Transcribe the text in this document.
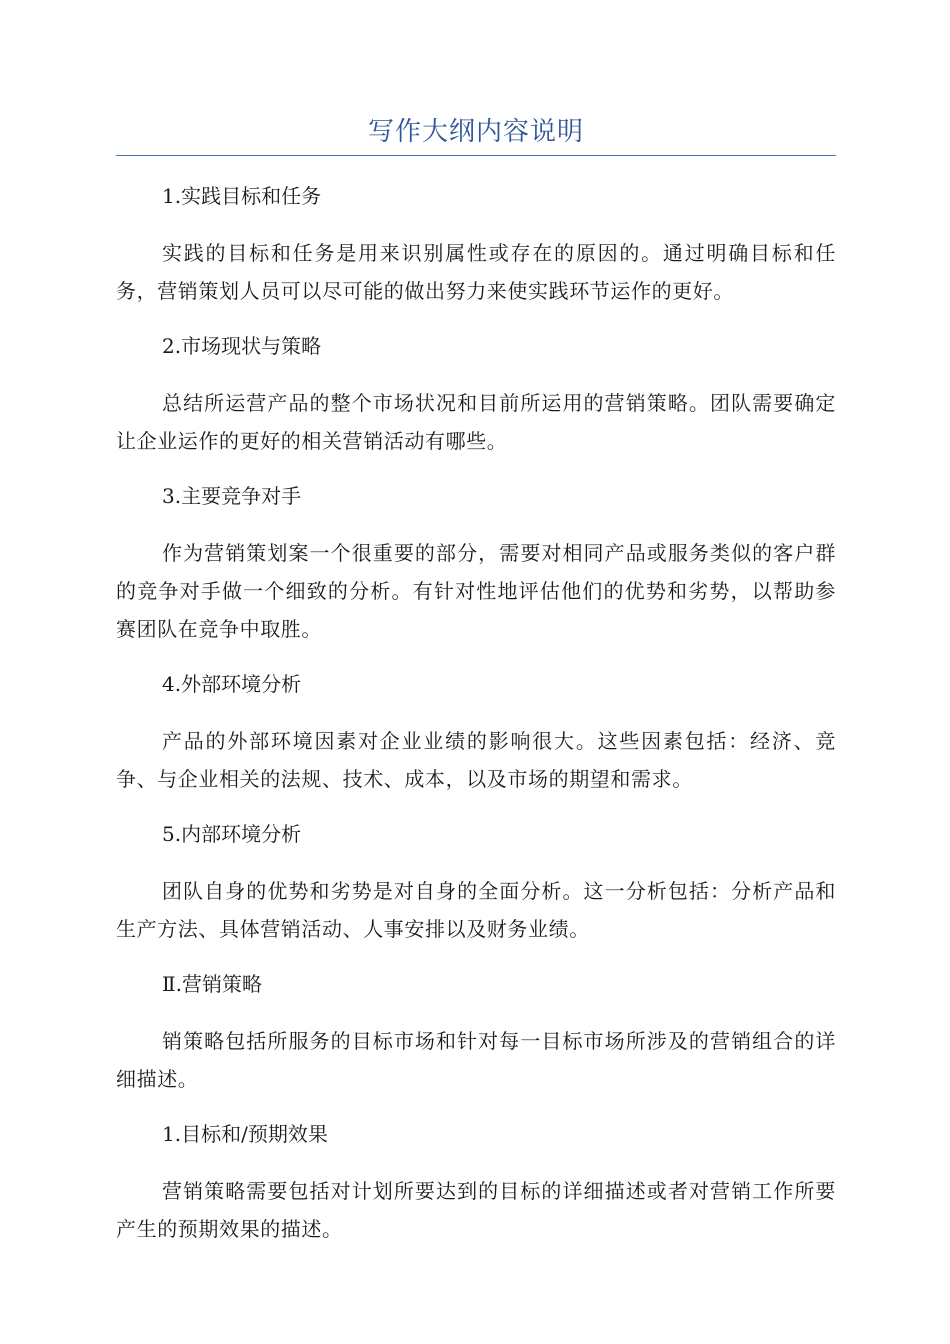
写作大纲内容说明
1.实践目标和任务
实践的目标和任务是用来识别属性或存在的原因的。通过明确目标和任务，营销策划人员可以尽可能的做出努力来使实践环节运作的更好。
2.市场现状与策略
总结所运营产品的整个市场状况和目前所运用的营销策略。团队需要确定让企业运作的更好的相关营销活动有哪些。
3.主要竞争对手
作为营销策划案一个很重要的部分，需要对相同产品或服务类似的客户群的竞争对手做一个细致的分析。有针对性地评估他们的优势和劣势，以帮助参赛团队在竞争中取胜。
4.外部环境分析
产品的外部环境因素对企业业绩的影响很大。这些因素包括：经济、竞争、与企业相关的法规、技术、成本，以及市场的期望和需求。
5.内部环境分析
团队自身的优势和劣势是对自身的全面分析。这一分析包括：分析产品和生产方法、具体营销活动、人事安排以及财务业绩。
Ⅱ.营销策略
销策略包括所服务的目标市场和针对每一目标市场所涉及的营销组合的详细描述。
1.目标和/预期效果
营销策略需要包括对计划所要达到的目标的详细描述或者对营销工作所要产生的预期效果的描述。
